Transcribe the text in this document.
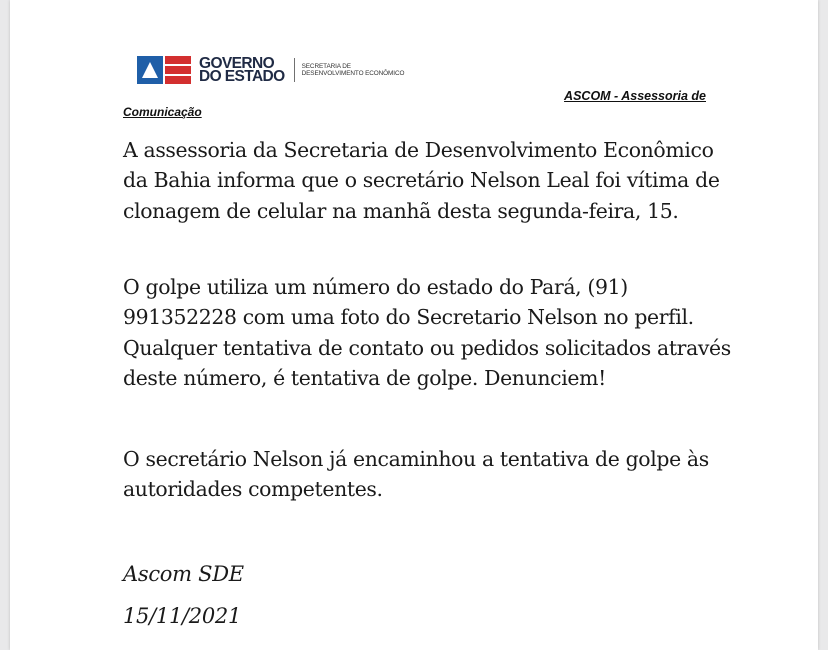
GOVERNO
DO ESTADO
SECRETARIA DE
DESENVOLVIMENTO ECONÔMICO

ASCOM - Assessoria de

Comunicação

A assessoria da Secretaria de Desenvolvimento Econômico da Bahia informa que o secretário Nelson Leal foi vítima de clonagem de celular na manhã desta segunda-feira, 15.

O golpe utiliza um número do estado do Pará, (91) 991352228 com uma foto do Secretario Nelson no perfil. Qualquer tentativa de contato ou pedidos solicitados através deste número, é tentativa de golpe. Denunciem!

O secretário Nelson já encaminhou a tentativa de golpe às autoridades competentes.

Ascom SDE

15/11/2021
